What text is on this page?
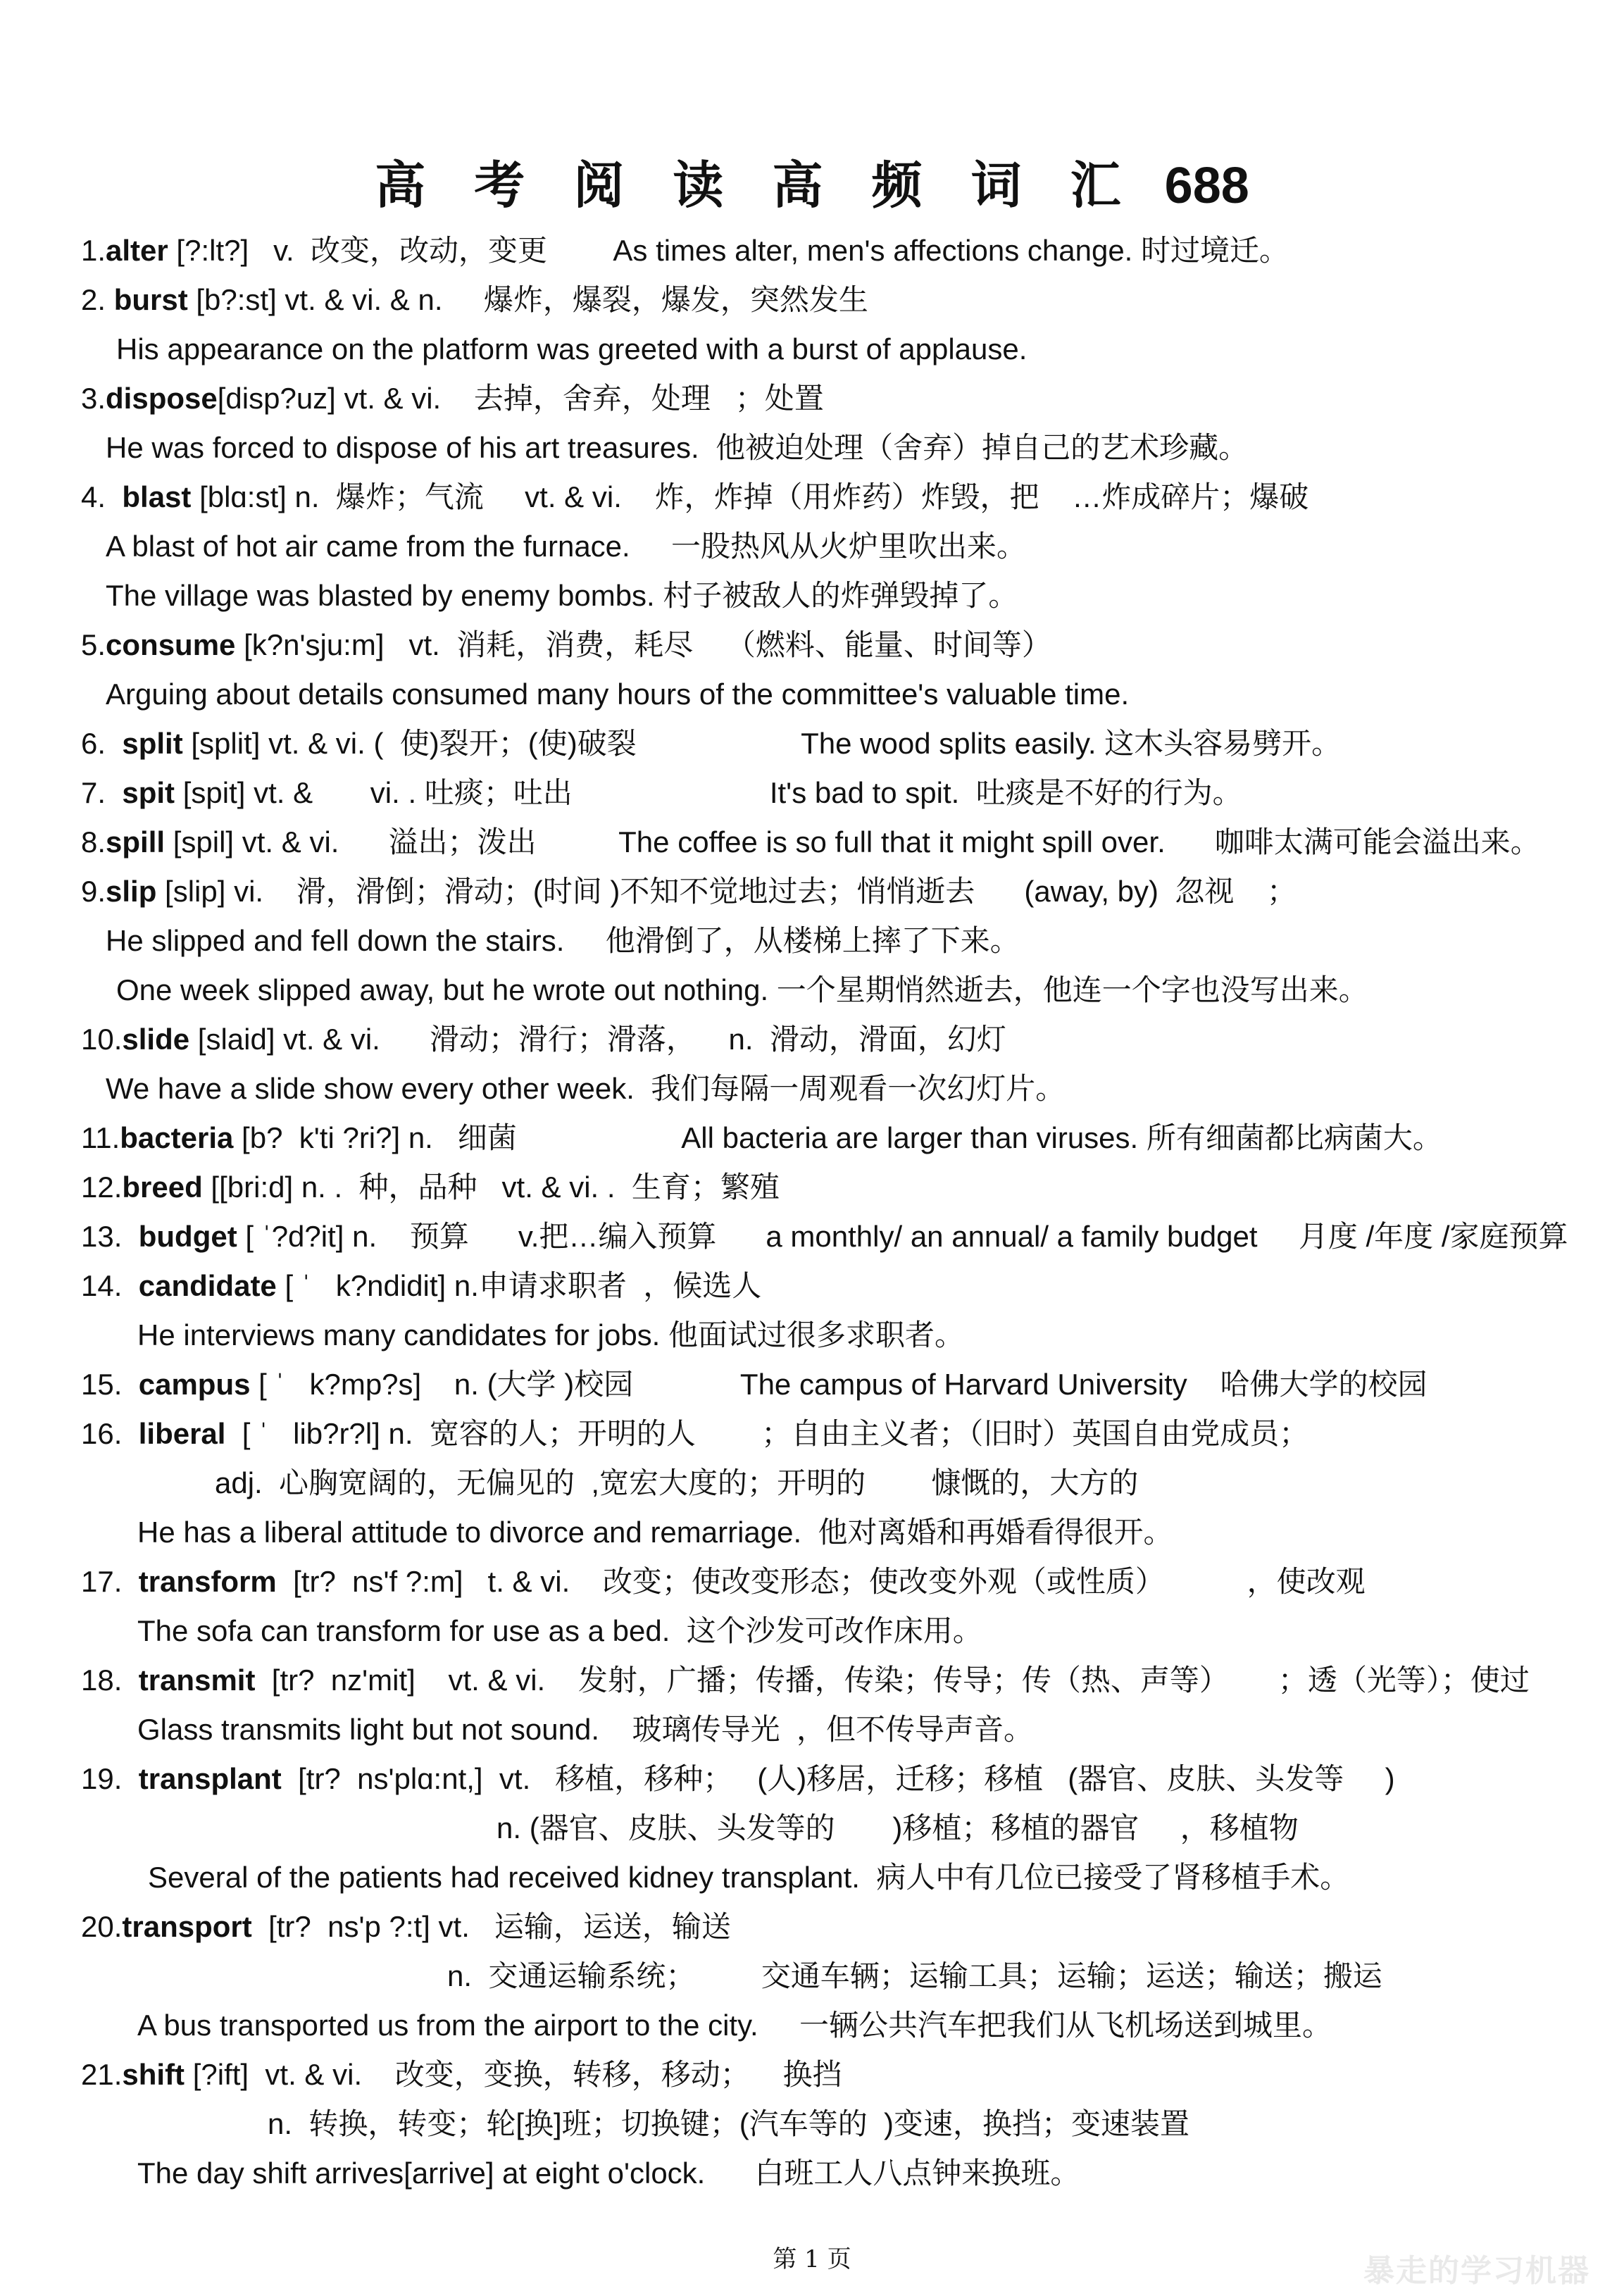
高 考 阅 读 高 频 词 汇 688
1.alter [?:lt?]   v.  改变，改动，变更        As times alter, men's affections change. 时过境迁。
2. burst [b?:st] vt. & vi. & n.     爆炸，爆裂，爆发，突然发生
His appearance on the platform was greeted with a burst of applause.
3.dispose[disp?uz] vt. & vi.    去掉，舍弃，处理   ；处置
He was forced to dispose of his art treasures.  他被迫处理（舍弃）掉自己的艺术珍藏。
4.  blast [blɑ:st] n.  爆炸；气流     vt. & vi.    炸，炸掉（用炸药）炸毁，把    …炸成碎片；爆破
A blast of hot air came from the furnace.     一股热风从火炉里吹出来。
The village was blasted by enemy bombs. 村子被敌人的炸弹毁掉了。
5.consume [k?n'sju:m]   vt.  消耗，消费，耗尽    （燃料、能量、时间等）
Arguing about details consumed many hours of the committee's valuable time.
6.  split [split] vt. & vi. (  使)裂开；(使)破裂                    The wood splits easily. 这木头容易劈开。
7.  spit [spit] vt. &       vi. . 吐痰；吐出                        It's bad to spit.  吐痰是不好的行为。
8.spill [spil] vt. & vi.      溢出；泼出          The coffee is so full that it might spill over.      咖啡太满可能会溢出来。
9.slip [slip] vi.    滑，滑倒；滑动；(时间 )不知不觉地过去；悄悄逝去      (away, by)  忽视    ；
He slipped and fell down the stairs.     他滑倒了，从楼梯上摔了下来。
One week slipped away, but he wrote out nothing. 一个星期悄然逝去，他连一个字也没写出来。
10.slide [slaid] vt. & vi.      滑动；滑行；滑落，    n.  滑动，滑面，幻灯
We have a slide show every other week.  我们每隔一周观看一次幻灯片。
11.bacteria [b?  k'ti ?ri?] n.   细菌                    All bacteria are larger than viruses. 所有细菌都比病菌大。
12.breed [[bri:d] n. .  种，品种   vt. & vi. .  生育；繁殖
13.  budget [ ˈ?d?it] n.    预算      v.把…编入预算      a monthly/ an annual/ a family budget     月度 /年度 /家庭预算
14.  candidate [ ˈ   k?ndidit] n.申请求职者  ，候选人
He interviews many candidates for jobs. 他面试过很多求职者。
15.  campus [ ˈ   k?mp?s]    n. (大学 )校园             The campus of Harvard University    哈佛大学的校园
16.  liberal  [ ˈ   lib?r?l] n.  宽容的人；开明的人        ；自由主义者；（旧时）英国自由党成员；
adj.  心胸宽阔的，无偏见的  ,宽宏大度的；开明的        慷慨的，大方的
He has a liberal attitude to divorce and remarriage.  他对离婚和再婚看得很开。
17.  transform  [tr?  ns'f ?:m]   t. & vi.    改变；使改变形态；使改变外观（或性质）          ，使改观
The sofa can transform for use as a bed.  这个沙发可改作床用。
18.  transmit  [tr?  nz'mit]    vt. & vi.    发射，广播；传播，传染；传导；传（热、声等）      ；透（光等）；使过
Glass transmits light but not sound.    玻璃传导光  ，但不传导声音。
19.  transplant  [tr?  ns'plɑ:nt,]  vt.   移植，移种；   (人)移居，迁移；移植   (器官、皮肤、头发等     )
n. (器官、皮肤、头发等的       )移植；移植的器官     ，移植物
Several of the patients had received kidney transplant.  病人中有几位已接受了肾移植手术。
20.transport  [tr?  ns'p ?:t] vt.   运输，运送，输送
n.  交通运输系统；        交通车辆；运输工具；运输；运送；输送；搬运
A bus transported us from the airport to the city.     一辆公共汽车把我们从飞机场送到城里。
21.shift [?ift]  vt. & vi.    改变，变换，转移，移动；    换挡
n.  转换，转变；轮[换]班；切换键；(汽车等的  )变速，换挡；变速装置
The day shift arrives[arrive] at eight o'clock.      白班工人八点钟来换班。
第 1 页	暴走的学习机器
